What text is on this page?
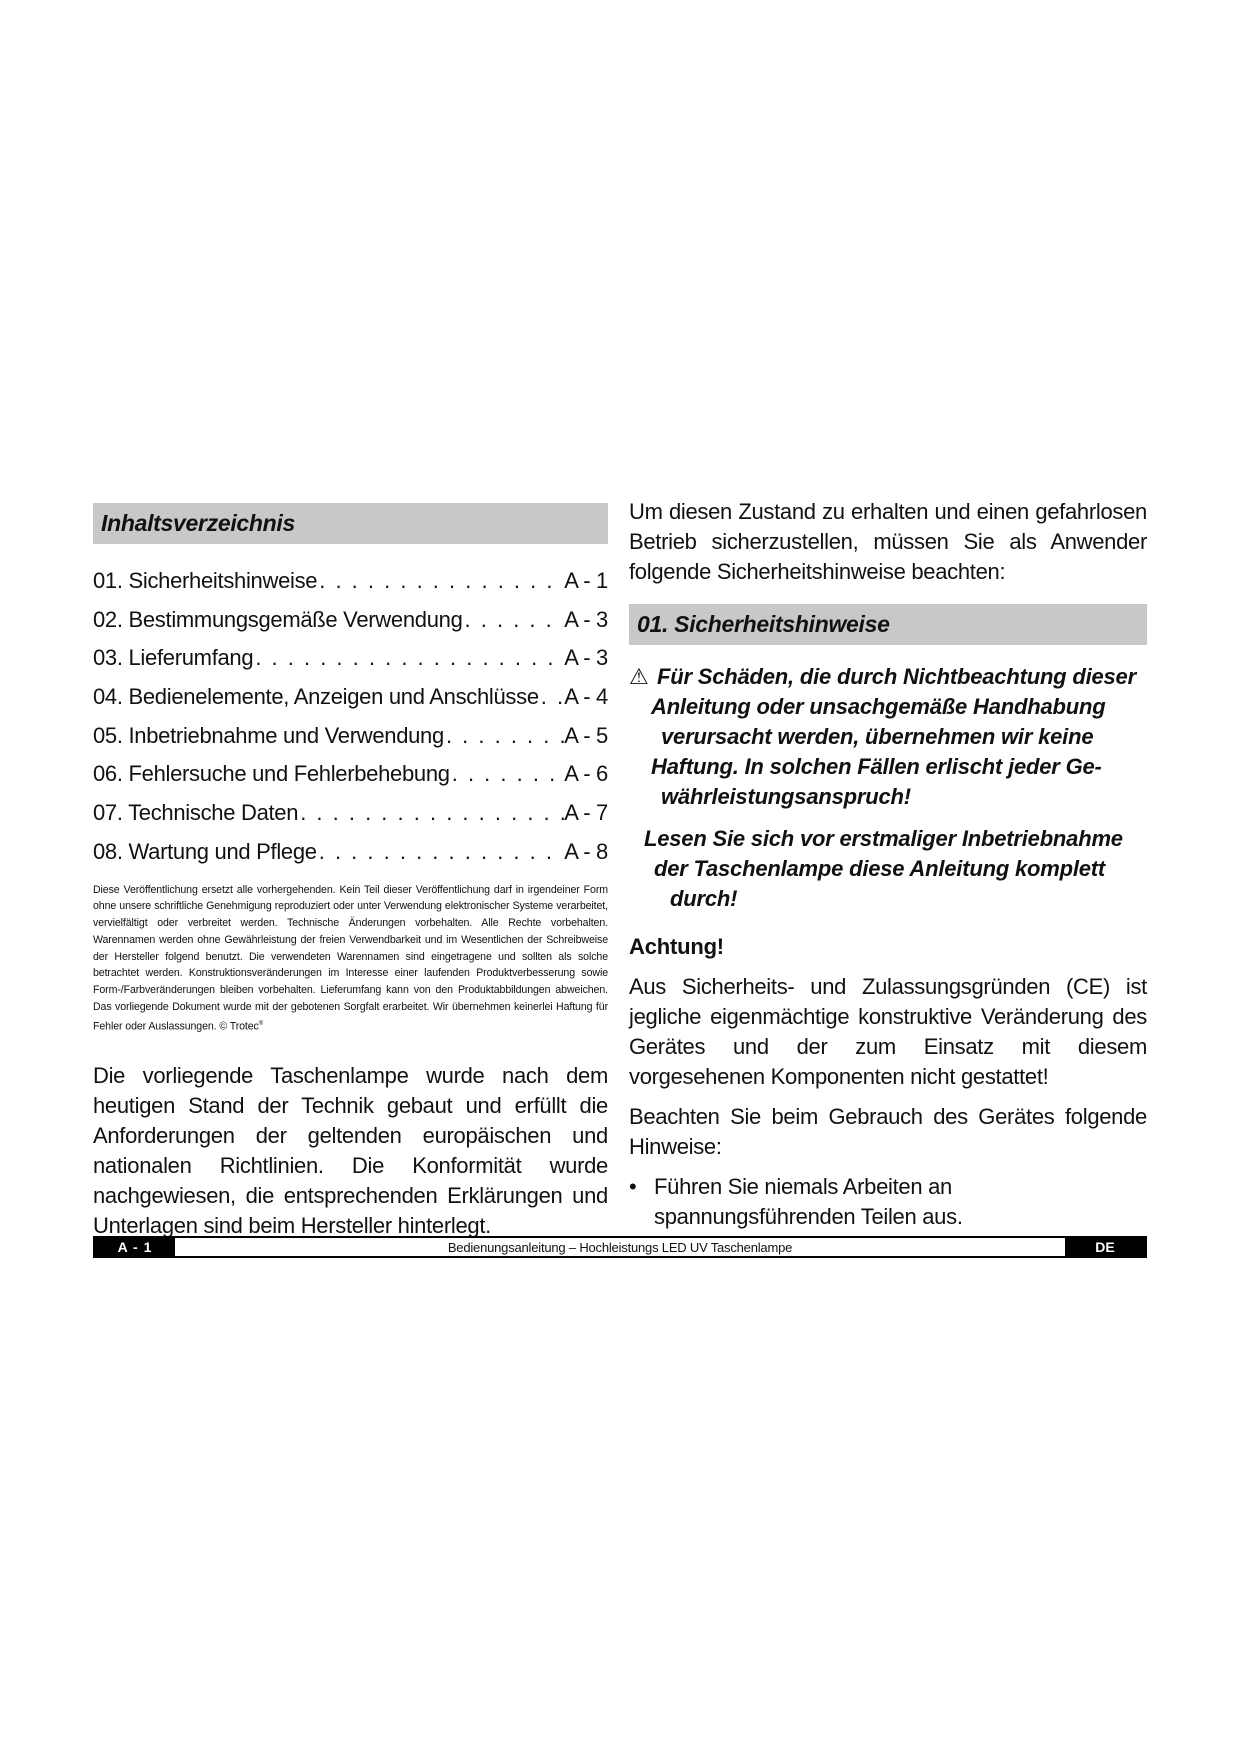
Inhaltsverzeichnis
01. Sicherheitshinweise . . .	A - 1
02. Bestimmungsgemäße Verwendung . . .	A - 3
03. Lieferumfang . . .	A - 3
04. Bedienelemente, Anzeigen und Anschlüsse . . . A - 4
05. Inbetriebnahme und Verwendung . . .	A - 5
06. Fehlersuche und Fehlerbehebung . . .	A - 6
07. Technische Daten . . .	A - 7
08. Wartung und Pflege . . .	A - 8
Diese Veröffentlichung ersetzt alle vorhergehenden. Kein Teil dieser Veröffentlichung darf in irgendeiner Form ohne unsere schriftliche Genehmigung reproduziert oder unter Verwendung elektronischer Systeme verarbeitet, vervielfältigt oder verbreitet werden. Technische Änderungen vorbehalten. Alle Rechte vorbehalten. Warennamen werden ohne Gewährleistung der freien Verwendbarkeit und im Wesentlichen der Schreibweise der Hersteller folgend benutzt. Die verwendeten Warennamen sind eingetragene und sollten als solche betrachtet werden. Konstruktionsveränderungen im Interesse einer laufenden Produktverbesserung sowie Form-/Farbveränderungen bleiben vorbehalten. Lieferumfang kann von den Produktabbildungen abweichen. Das vorliegende Dokument wurde mit der gebotenen Sorgfalt erarbeitet. Wir übernehmen keinerlei Haftung für Fehler oder Auslassungen. © Trotec®
Die vorliegende Taschenlampe wurde nach dem heutigen Stand der Technik gebaut und erfüllt die Anforderungen der geltenden europäischen und nationalen Richtlinien. Die Konformität wurde nachgewiesen, die entsprechenden Erklärungen und Unterlagen sind beim Hersteller hinterlegt.
Um diesen Zustand zu erhalten und einen gefahrlosen Betrieb sicherzustellen, müssen Sie als Anwender folgende Sicherheitshinweise beachten:
01. Sicherheitshinweise
⚠ Für Schäden, die durch Nichtbeachtung dieser
Anleitung oder unsachgemäße Handhabung
verursacht werden, übernehmen wir keine
Haftung. In solchen Fällen erlischt jeder Ge-
währleistungsanspruch!
Lesen Sie sich vor erstmaliger Inbetriebnahme
der Taschenlampe diese Anleitung komplett
durch!
Achtung!
Aus Sicherheits- und Zulassungsgründen (CE) ist jegliche eigenmächtige konstruktive Veränderung des Gerätes und der zum Einsatz mit diesem vorgesehenen Komponenten nicht gestattet!
Beachten Sie beim Gebrauch des Gerätes folgende Hinweise:
• Führen Sie niemals Arbeiten an spannungsführenden Teilen aus.
A - 1	Bedienungsanleitung – Hochleistungs LED UV Taschenlampe	DE
